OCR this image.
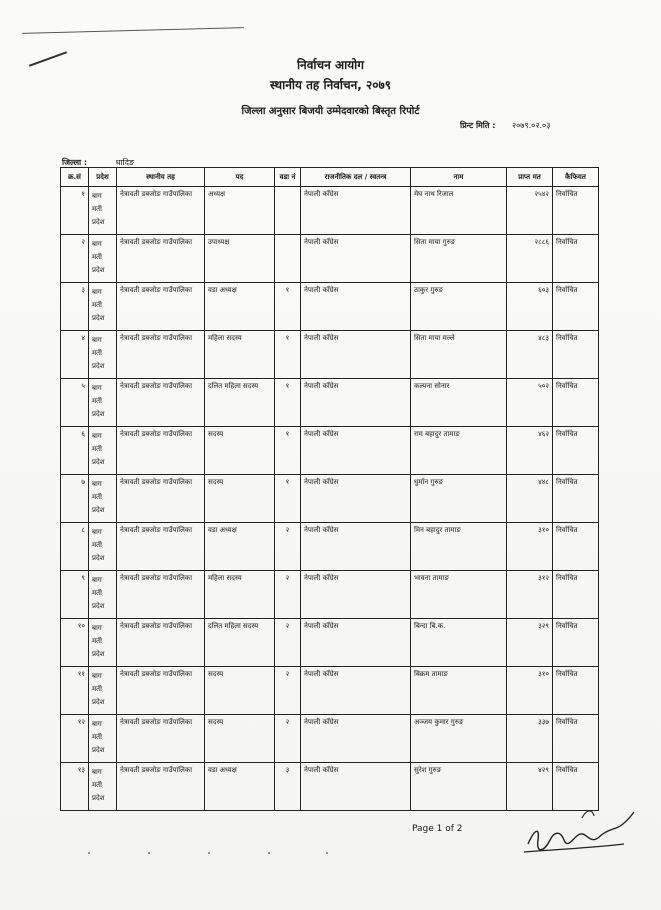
निर्वाचन आयोग
स्थानीय तह निर्वाचन, २०७९
जिल्ला अनुसार बिजयी उम्मेदवारको बिस्तृत रिपोर्ट
प्रिन्ट मिति : २०७९.०२.०३
जिल्ला :	धादिङ
क्र.सं	प्रदेश	स्थानीय तह	पद	वडा नं	राजनीतिक दल / स्वतन्त्र	नाम	प्राप्त मत	कैफियत
१	बाग मती प्रदेश	नेत्रावती डबजोङ गाउँपालिका	अध्यक्ष		नेपाली काँग्रेस	मेघ नाथ रिजाल	२५४२	निर्वाचित
२	बाग मती प्रदेश	नेत्रावती डबजोङ गाउँपालिका	उपाध्यक्ष		नेपाली काँग्रेस	सिता माया गुरुङ	२८८६	निर्वाचित
३	बाग मती प्रदेश	नेत्रावती डबजोङ गाउँपालिका	वडा अध्यक्ष	१	नेपाली काँग्रेस	ठाकुर गुरुङ	६०३	निर्वाचित
४	बाग मती प्रदेश	नेत्रावती डबजोङ गाउँपालिका	महिला सदस्य	१	नेपाली काँग्रेस	सिता माया मल्ले	४८३	निर्वाचित
५	बाग मती प्रदेश	नेत्रावती डबजोङ गाउँपालिका	दलित महिला सदस्य	१	नेपाली काँग्रेस	कल्पना सोनार	५०२	निर्वाचित
६	बाग मती प्रदेश	नेत्रावती डबजोङ गाउँपालिका	सदस्य	१	नेपाली काँग्रेस	राम बहादुर तामाङ	४६२	निर्वाचित
७	बाग मती प्रदेश	नेत्रावती डबजोङ गाउँपालिका	सदस्य	१	नेपाली काँग्रेस	धुर्मान गुरुङ	४४८	निर्वाचित
८	बाग मती प्रदेश	नेत्रावती डबजोङ गाउँपालिका	वडा अध्यक्ष	२	नेपाली काँग्रेस	मिन बहादुर तामाङ	३१०	निर्वाचित
९	बाग मती प्रदेश	नेत्रावती डबजोङ गाउँपालिका	महिला सदस्य	२	नेपाली काँग्रेस	भावना तामाङ	३१२	निर्वाचित
१०	बाग मती प्रदेश	नेत्रावती डबजोङ गाउँपालिका	दलित महिला सदस्य	२	नेपाली काँग्रेस	बिन्दा बि.क.	३२९	निर्वाचित
११	बाग मती प्रदेश	नेत्रावती डबजोङ गाउँपालिका	सदस्य	२	नेपाली काँग्रेस	बिक्रम तामाङ	३१०	निर्वाचित
१२	बाग मती प्रदेश	नेत्रावती डबजोङ गाउँपालिका	सदस्य	२	नेपाली काँग्रेस	अञ्जय कुमार गुरुङ	३३७	निर्वाचित
१३	बाग मती प्रदेश	नेत्रावती डबजोङ गाउँपालिका	वडा अध्यक्ष	३	नेपाली काँग्रेस	सुरेश गुरुङ	४२९	निर्वाचित
Page 1 of 2
